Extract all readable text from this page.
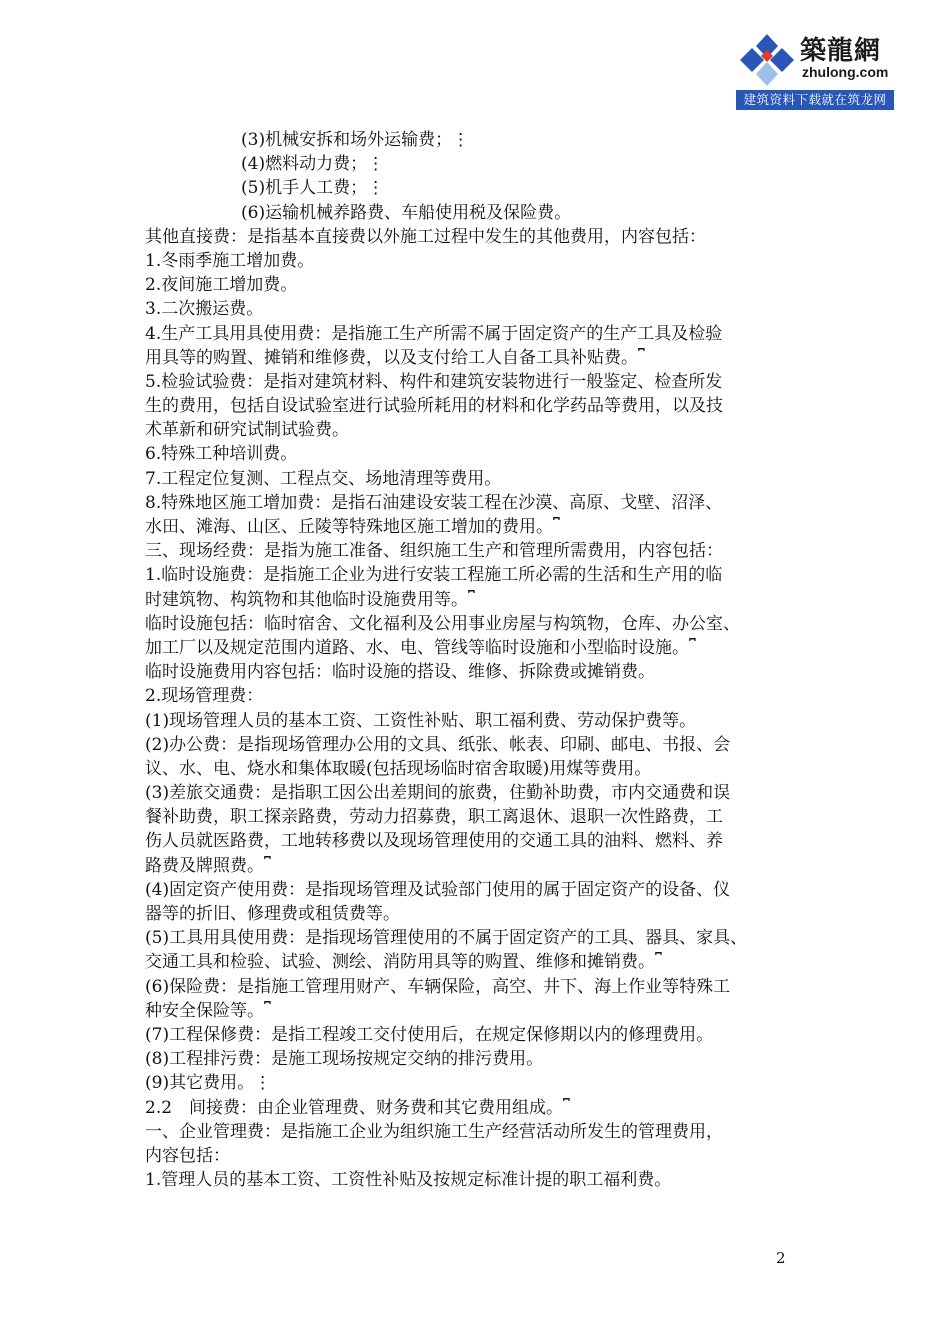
築龍網
zhulong.com
建筑资料下载就在筑龙网
(3)机械安拆和场外运输费；⋮
(4)燃料动力费；⋮
(5)机手人工费；⋮
(6)运输机械养路费、车船使用税及保险费。
其他直接费：是指基本直接费以外施工过程中发生的其他费用，内容包括：
1.冬雨季施工增加费。
2.夜间施工增加费。
3.二次搬运费。
4.生产工具用具使用费：是指施工生产所需不属于固定资产的生产工具及检验
用具等的购置、摊销和维修费，以及支付给工人自备工具补贴费。⎴
5.检验试验费：是指对建筑材料、构件和建筑安装物进行一般鉴定、检查所发
生的费用，包括自设试验室进行试验所耗用的材料和化学药品等费用，以及技
术革新和研究试制试验费。
6.特殊工种培训费。
7.工程定位复测、工程点交、场地清理等费用。
8.特殊地区施工增加费：是指石油建设安装工程在沙漠、高原、戈壁、沼泽、
水田、滩海、山区、丘陵等特殊地区施工增加的费用。⎴
三、现场经费：是指为施工准备、组织施工生产和管理所需费用，内容包括：
1.临时设施费：是指施工企业为进行安装工程施工所必需的生活和生产用的临
时建筑物、构筑物和其他临时设施费用等。⎴
临时设施包括：临时宿舍、文化福利及公用事业房屋与构筑物，仓库、办公室、
加工厂以及规定范围内道路、水、电、管线等临时设施和小型临时设施。⎴
临时设施费用内容包括：临时设施的搭设、维修、拆除费或摊销费。
2.现场管理费：
(1)现场管理人员的基本工资、工资性补贴、职工福利费、劳动保护费等。
(2)办公费：是指现场管理办公用的文具、纸张、帐表、印刷、邮电、书报、会
议、水、电、烧水和集体取暖(包括现场临时宿舍取暖)用煤等费用。
(3)差旅交通费：是指职工因公出差期间的旅费，住勤补助费，市内交通费和误
餐补助费，职工探亲路费，劳动力招募费，职工离退休、退职一次性路费，工
伤人员就医路费，工地转移费以及现场管理使用的交通工具的油料、燃料、养
路费及牌照费。⎴
(4)固定资产使用费：是指现场管理及试验部门使用的属于固定资产的设备、仪
器等的折旧、修理费或租赁费等。
(5)工具用具使用费：是指现场管理使用的不属于固定资产的工具、器具、家具、
交通工具和检验、试验、测绘、消防用具等的购置、维修和摊销费。⎴
(6)保险费：是指施工管理用财产、车辆保险，高空、井下、海上作业等特殊工
种安全保险等。⎴
(7)工程保修费：是指工程竣工交付使用后，在规定保修期以内的修理费用。
(8)工程排污费：是施工现场按规定交纳的排污费用。
(9)其它费用。⋮
2.2　间接费：由企业管理费、财务费和其它费用组成。⎴
一、企业管理费：是指施工企业为组织施工生产经营活动所发生的管理费用，
内容包括：
1.管理人员的基本工资、工资性补贴及按规定标准计提的职工福利费。
2
